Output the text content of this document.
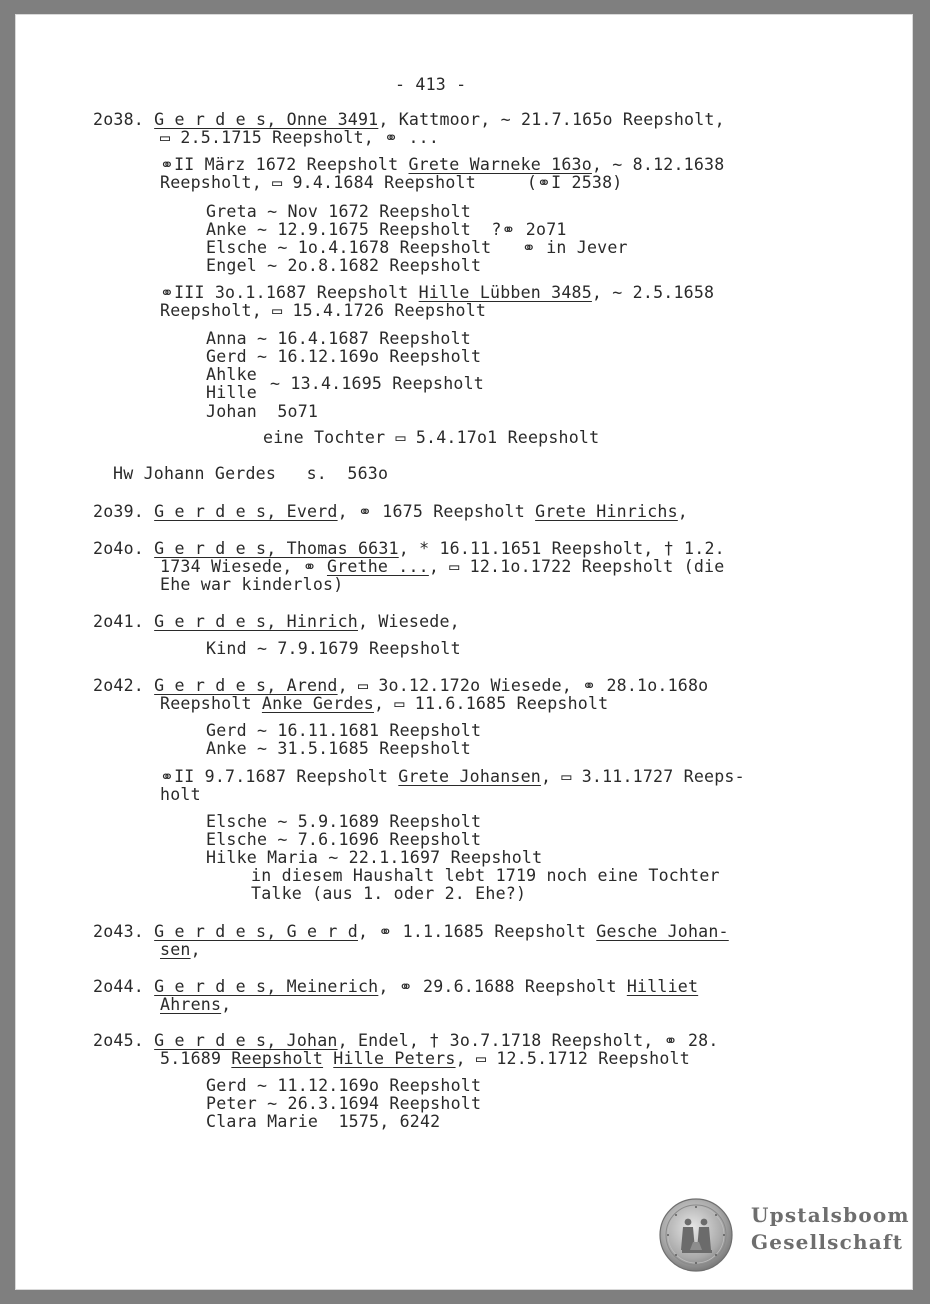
- 413 -
2o38. G e r d e s, Onne 3491, Kattmoor, ~ 21.7.165o Reepsholt,
▭ 2.5.1715 Reepsholt, ⚭ ...
⚭II März 1672 Reepsholt Grete Warneke 163o, ~ 8.12.1638
Reepsholt, ▭ 9.4.1684 Reepsholt     (⚭I 2538)
Greta ~ Nov 1672 Reepsholt
Anke ~ 12.9.1675 Reepsholt  ?⚭ 2o71
Elsche ~ 1o.4.1678 Reepsholt   ⚭ in Jever
Engel ~ 2o.8.1682 Reepsholt
⚭III 3o.1.1687 Reepsholt Hille Lübben 3485, ~ 2.5.1658
Reepsholt, ▭ 15.4.1726 Reepsholt
Anna ~ 16.4.1687 Reepsholt
Gerd ~ 16.12.169o Reepsholt
Ahlke
Hille ~ 13.4.1695 Reepsholt
Johan  5o71
eine Tochter ▭ 5.4.17o1 Reepsholt
Hw Johann Gerdes   s.  563o
2o39. G e r d e s, Everd, ⚭ 1675 Reepsholt Grete Hinrichs,
2o4o. G e r d e s, Thomas 6631, * 16.11.1651 Reepsholt, † 1.2.
1734 Wiesede, ⚭ Grethe ..., ▭ 12.1o.1722 Reepsholt (die
Ehe war kinderlos)
2o41. G e r d e s, Hinrich, Wiesede,
Kind ~ 7.9.1679 Reepsholt
2o42. G e r d e s, Arend, ▭ 3o.12.172o Wiesede, ⚭ 28.1o.168o
Reepsholt Anke Gerdes, ▭ 11.6.1685 Reepsholt
Gerd ~ 16.11.1681 Reepsholt
Anke ~ 31.5.1685 Reepsholt
⚭II 9.7.1687 Reepsholt Grete Johansen, ▭ 3.11.1727 Reeps-
holt
Elsche ~ 5.9.1689 Reepsholt
Elsche ~ 7.6.1696 Reepsholt
Hilke Maria ~ 22.1.1697 Reepsholt
in diesem Haushalt lebt 1719 noch eine Tochter
Talke (aus 1. oder 2. Ehe?)
2o43. G e r d e s, G e r d, ⚭ 1.1.1685 Reepsholt Gesche Johan-
sen,
2o44. G e r d e s, Meinerich, ⚭ 29.6.1688 Reepsholt Hilliet
Ahrens,
2o45. G e r d e s, Johan, Endel, † 3o.7.1718 Reepsholt, ⚭ 28.
5.1689 Reepsholt Hille Peters, ▭ 12.5.1712 Reepsholt
Gerd ~ 11.12.169o Reepsholt
Peter ~ 26.3.1694 Reepsholt
Clara Marie  1575, 6242
Upstalsboom
Gesellschaft
